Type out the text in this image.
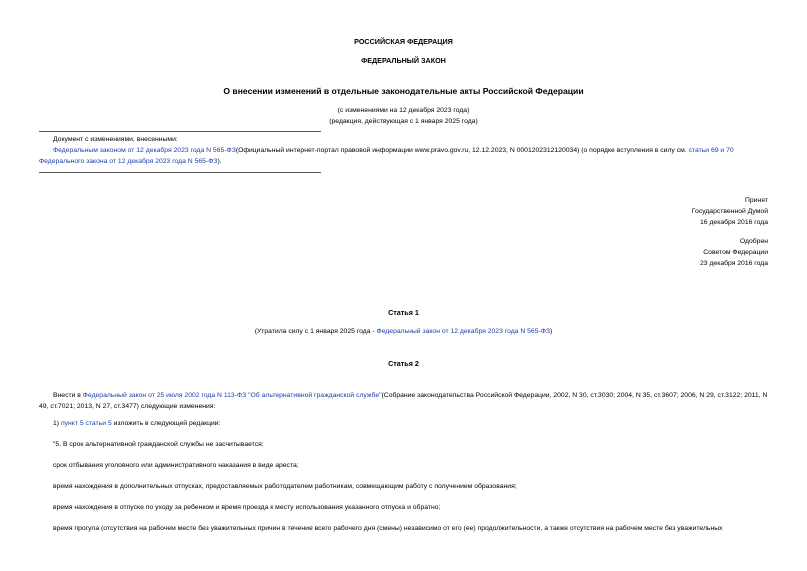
РОССИЙСКАЯ ФЕДЕРАЦИЯ
ФЕДЕРАЛЬНЫЙ ЗАКОН
О внесении изменений в отдельные законодательные акты Российской Федерации
(с изменениями на 12 декабря 2023 года)
(редакция, действующая с 1 января 2025 года)
Документ с изменениями, внесенными:
Федеральным законом от 12 декабря 2023 года N 565-ФЗ(Официальный интернет-портал правовой информации www.pravo.gov.ru, 12.12.2023, N 0001202312120034) (о порядке вступления в силу см. статьи 69 и 70 Федерального закона от 12 декабря 2023 года N 565-ФЗ).
Принят
Государственной Думой
16 декабря 2016 года
Одобрен
Советом Федерации
23 декабря 2016 года
Статья 1
(Утратила силу с 1 января 2025 года - Федеральный закон от 12 декабря 2023 года N 565-ФЗ)
Статья 2
Внести в Федеральный закон от 25 июля 2002 года N 113-ФЗ "Об альтернативной гражданской службе"(Собрание законодательства Российской Федерации, 2002, N 30, ст.3030; 2004, N 35, ст.3607; 2006, N 29, ст.3122; 2011, N 49, ст.7021; 2013, N 27, ст.3477) следующие изменения:
1) пункт 5 статьи 5 изложить в следующей редакции:
"5. В срок альтернативной гражданской службы не засчитывается:
срок отбывания уголовного или административного наказания в виде ареста;
время нахождения в дополнительных отпусках, предоставляемых работодателем работникам, совмещающим работу с получением образования;
время нахождения в отпуске по уходу за ребенком и время проезда к месту использования указанного отпуска и обратно;
время прогула (отсутствия на рабочем месте без уважительных причин в течение всего рабочего дня (смены) независимо от его (ее) продолжительности, а также отсутствия на рабочем месте без уважительных
